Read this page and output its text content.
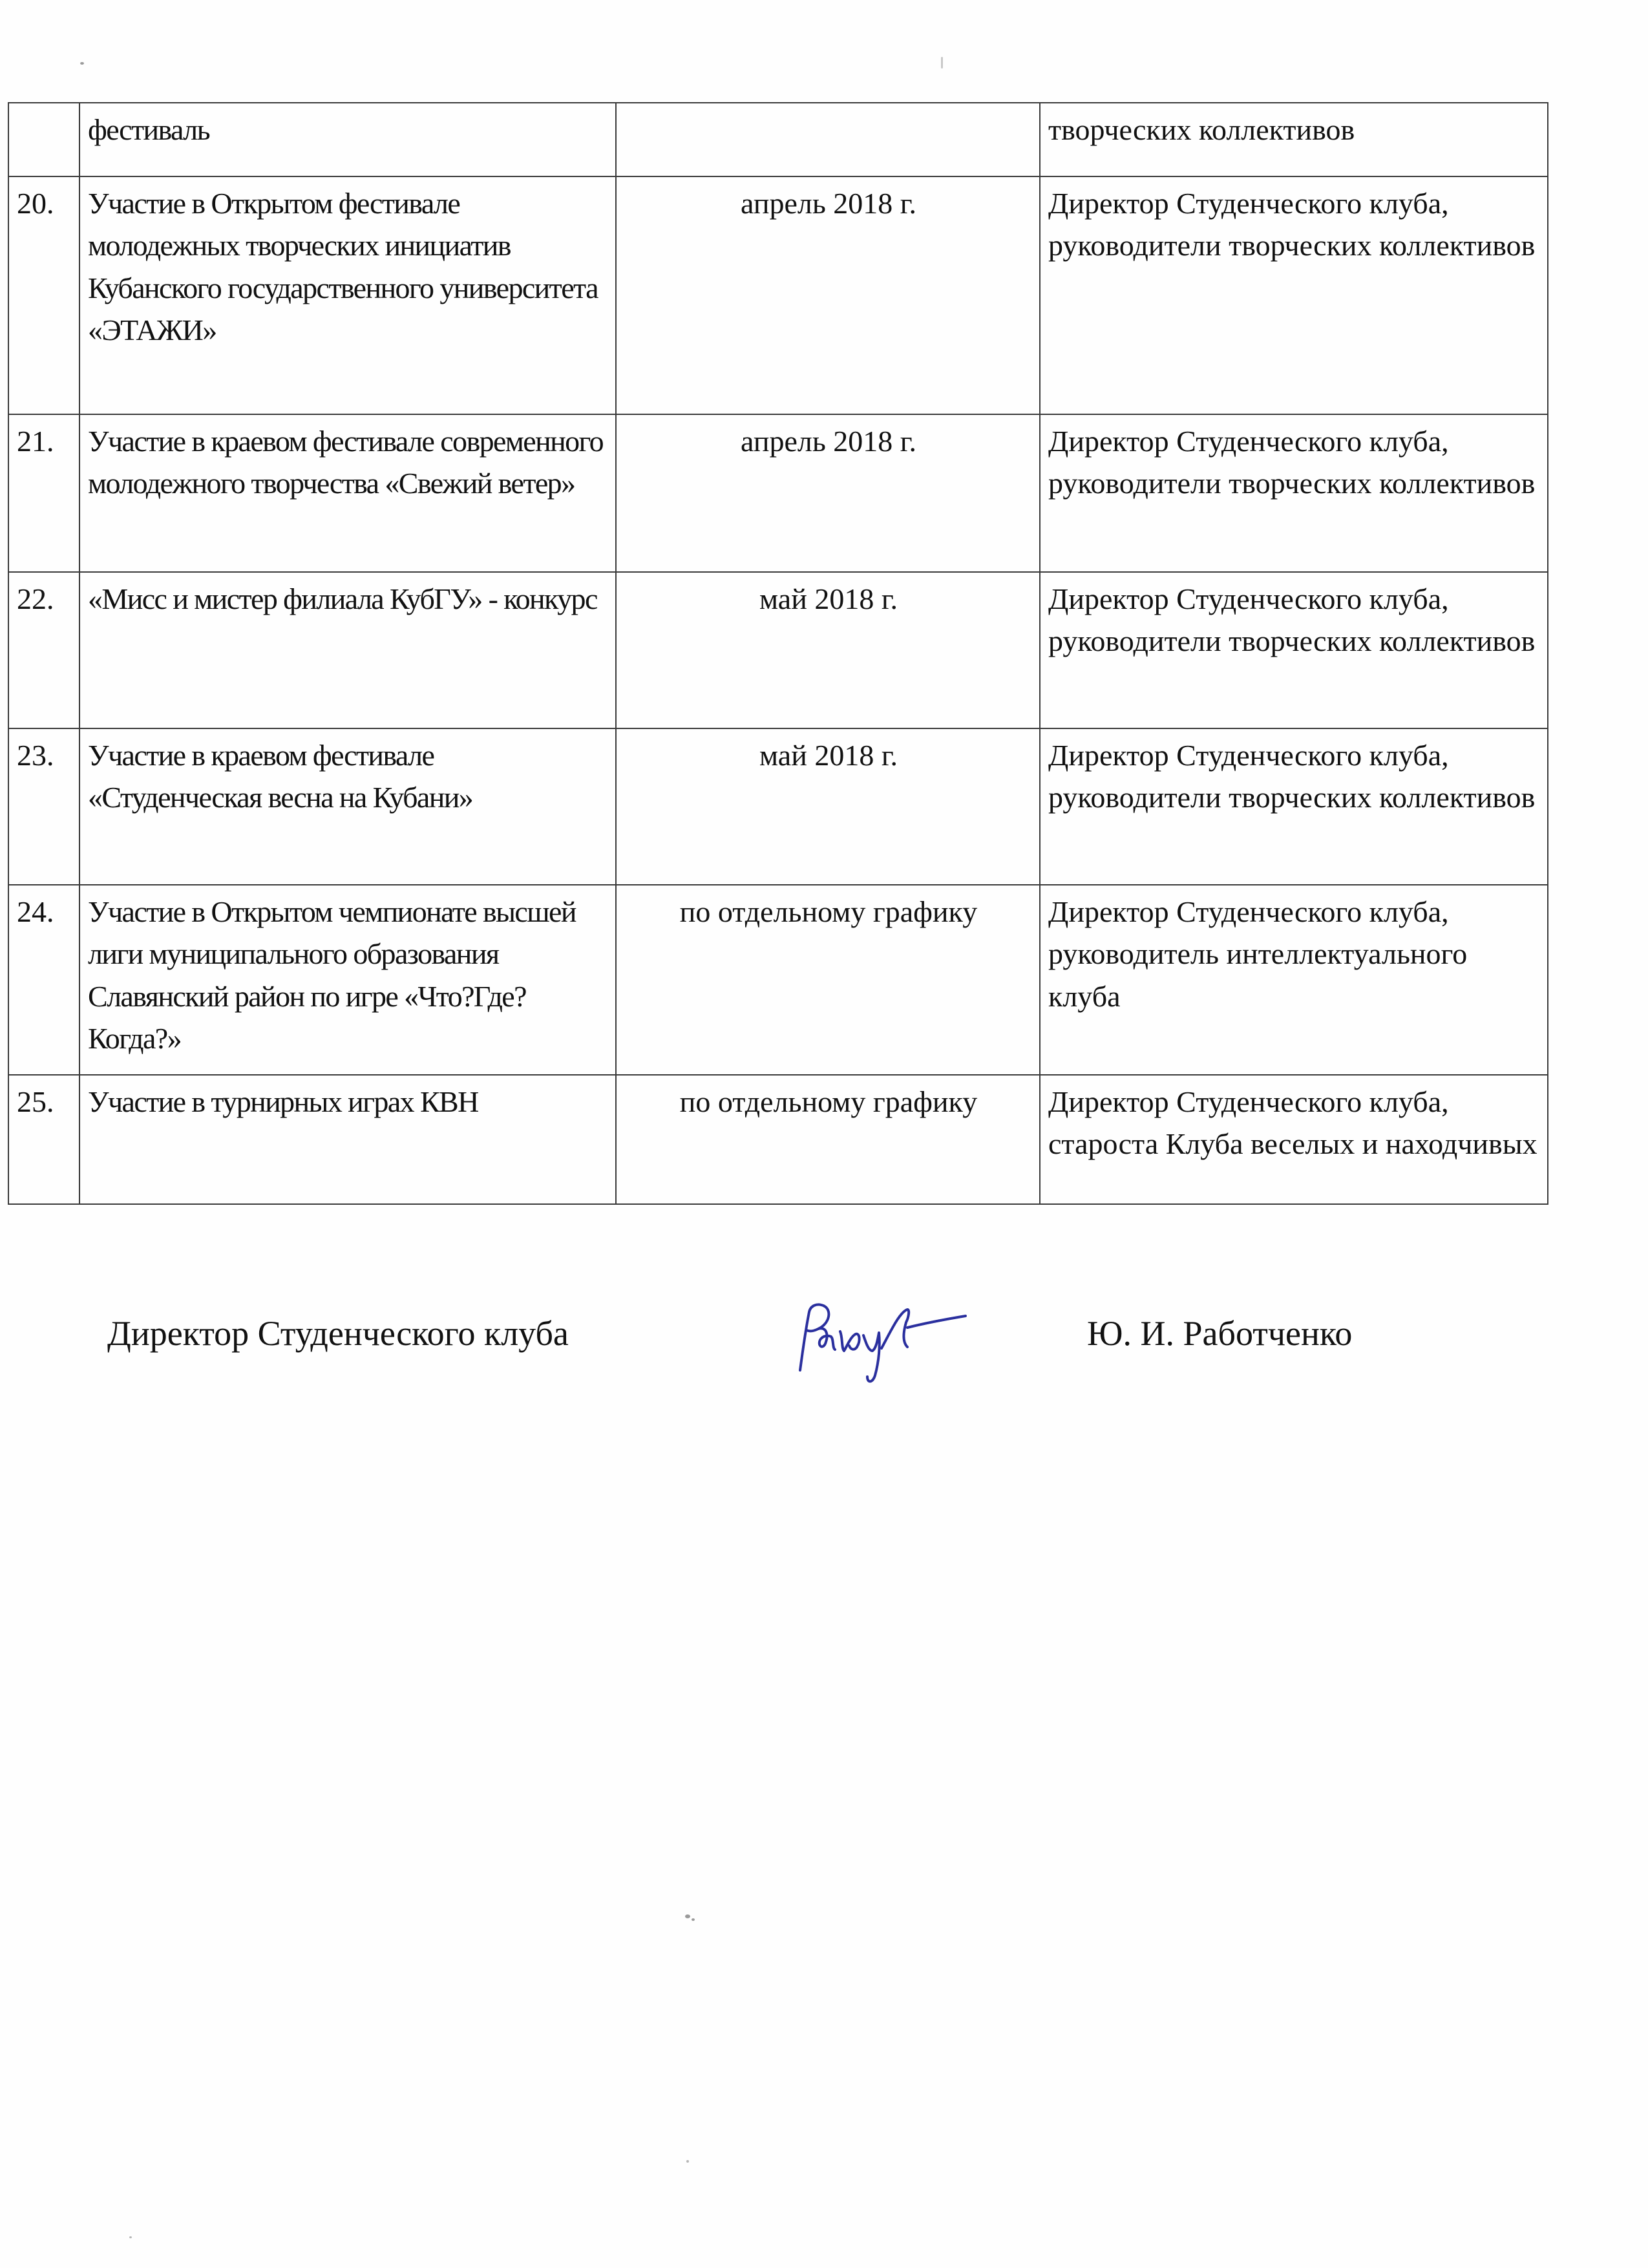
	фестиваль		творческих коллективов
20.	Участие в Открытом фестивале молодежных творческих инициатив Кубанского государственного университета «ЭТАЖИ»	апрель 2018 г.	Директор Студенческого клуба, руководители творческих коллективов
21.	Участие в краевом фестивале современного молодежного творчества «Свежий ветер»	апрель 2018 г.	Директор Студенческого клуба, руководители творческих коллективов
22.	«Мисс и мистер филиала КубГУ» - конкурс	май 2018 г.	Директор Студенческого клуба, руководители творческих коллективов
23.	Участие в краевом фестивале «Студенческая весна на Кубани»	май 2018 г.	Директор Студенческого клуба, руководители творческих коллективов
24.	Участие в Открытом чемпионате высшей лиги муниципального образования Славянский район по игре «Что?Где?Когда?»	по отдельному графику	Директор Студенческого клуба, руководитель интеллектуального клуба
25.	Участие в турнирных играх КВН	по отдельному графику	Директор Студенческого клуба, староста Клуба веселых и находчивых
Директор Студенческого клуба	Ю. И. Работченко
